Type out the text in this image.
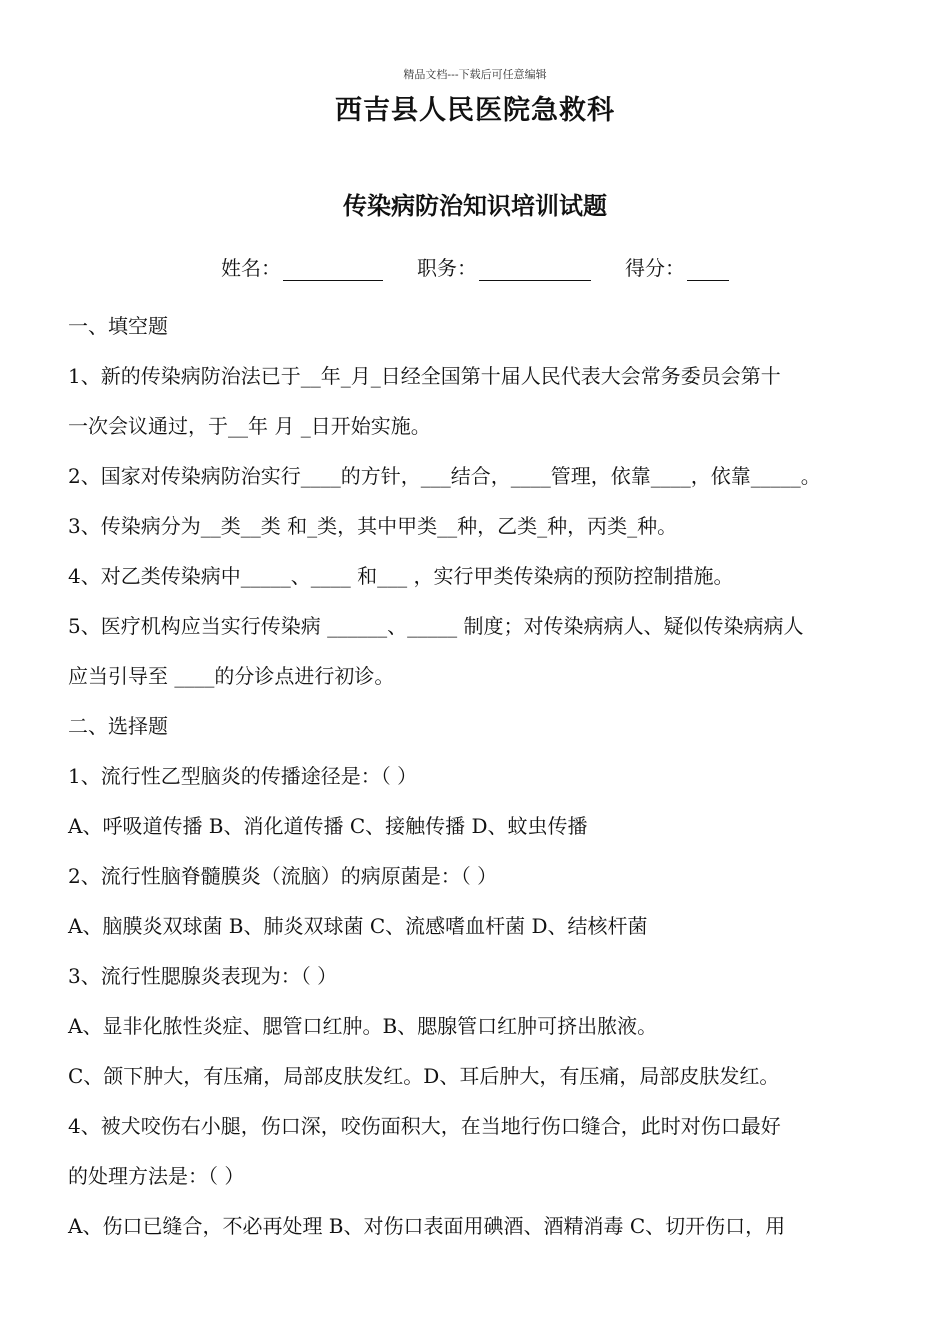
精品文档---下载后可任意编辑
西吉县人民医院急救科
传染病防治知识培训试题
姓名：	职务：	得分：
一、填空题
1、新的传染病防治法已于__年_月_日经全国第十届人民代表大会常务委员会第十
一次会议通过，于__年 月 _日开始实施。
2、国家对传染病防治实行____的方针，___结合，____管理，依靠____，依靠_____。
3、传染病分为__类__类 和_类，其中甲类__种，乙类_种，丙类_种。
4、对乙类传染病中_____、____ 和___ ，实行甲类传染病的预防控制措施。
5、医疗机构应当实行传染病 ______、_____ 制度；对传染病病人、疑似传染病病人
应当引导至 ____的分诊点进行初诊。
二、选择题
1、流行性乙型脑炎的传播途径是：（ ）
A、呼吸道传播 B、消化道传播 C、接触传播 D、蚊虫传播
2、流行性脑脊髓膜炎（流脑）的病原菌是：（ ）
A、脑膜炎双球菌 B、肺炎双球菌 C、流感嗜血杆菌 D、结核杆菌
3、流行性腮腺炎表现为：（ ）
A、显非化脓性炎症、腮管口红肿。B、腮腺管口红肿可挤出脓液。
C、颌下肿大，有压痛，局部皮肤发红。D、耳后肿大，有压痛，局部皮肤发红。
4、被犬咬伤右小腿，伤口深，咬伤面积大，在当地行伤口缝合，此时对伤口最好
的处理方法是：（ ）
A、伤口已缝合，不必再处理 B、对伤口表面用碘酒、酒精消毒 C、切开伤口，用
